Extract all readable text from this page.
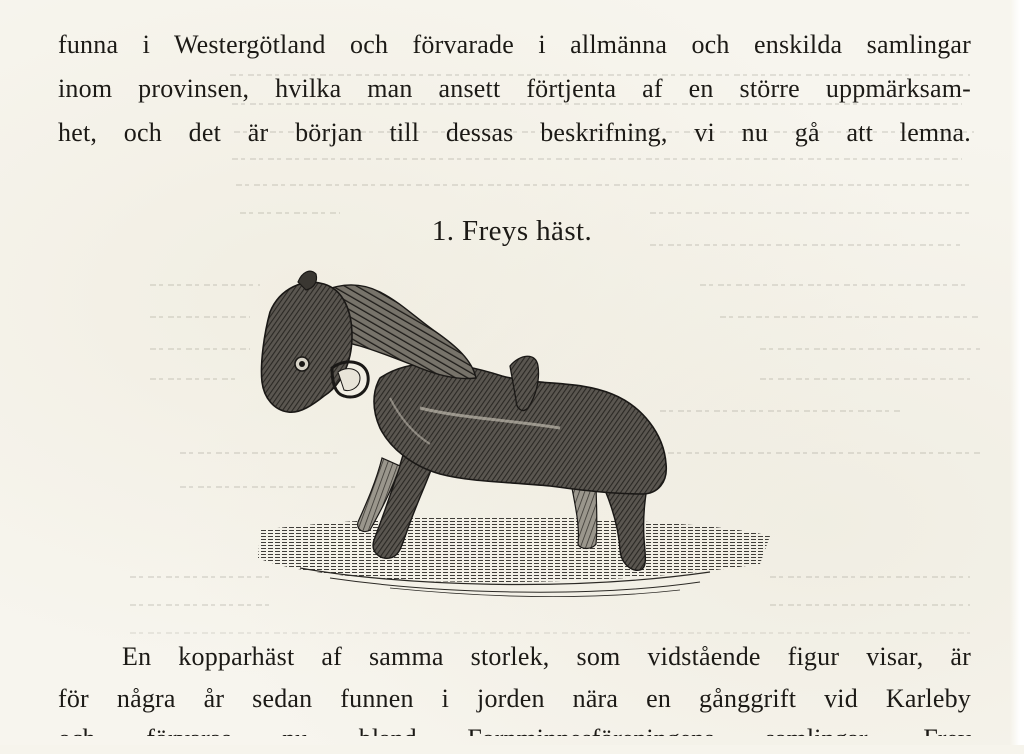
funna i Westergötland och förvarade i allmänna och enskilda samlingar
inom provinsen, hvilka man ansett förtjenta af en större uppmärksam-
het, och det är början till dessas beskrifning, vi nu gå att lemna.
1. Freys häst.
En kopparhäst af samma storlek, som vidstående figur visar, är
för några år sedan funnen i jorden nära en gånggrift vid Karleby
